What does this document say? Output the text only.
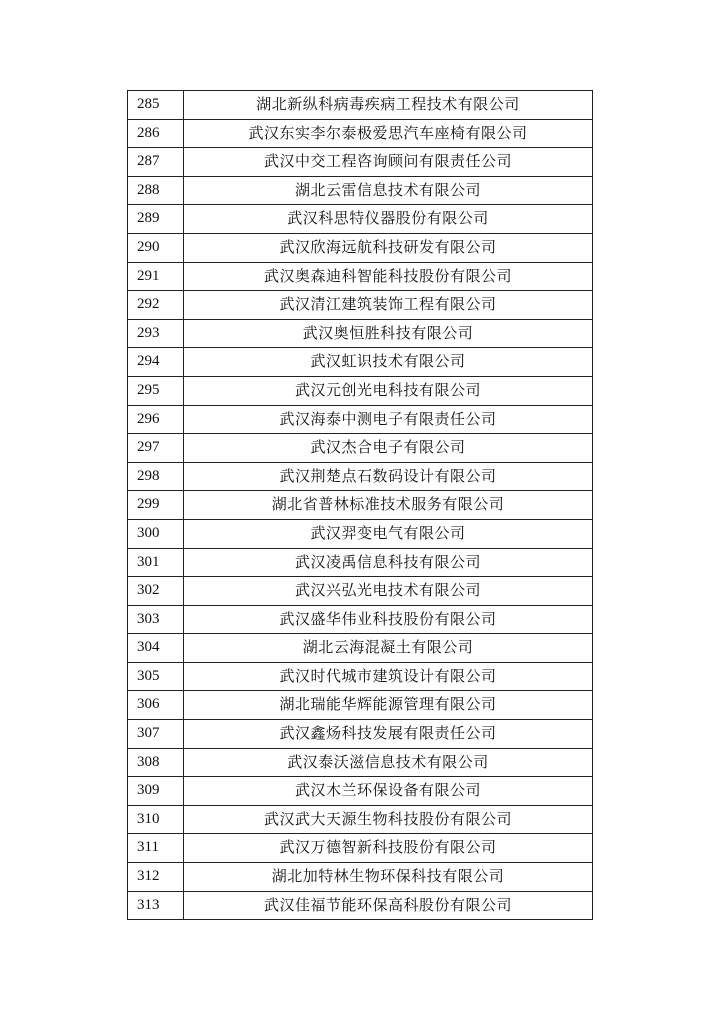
285	湖北新纵科病毒疾病工程技术有限公司
286	武汉东实李尔泰极爱思汽车座椅有限公司
287	武汉中交工程咨询顾问有限责任公司
288	湖北云雷信息技术有限公司
289	武汉科思特仪器股份有限公司
290	武汉欣海远航科技研发有限公司
291	武汉奥森迪科智能科技股份有限公司
292	武汉清江建筑装饰工程有限公司
293	武汉奥恒胜科技有限公司
294	武汉虹识技术有限公司
295	武汉元创光电科技有限公司
296	武汉海泰中测电子有限责任公司
297	武汉杰合电子有限公司
298	武汉荆楚点石数码设计有限公司
299	湖北省普林标准技术服务有限公司
300	武汉羿变电气有限公司
301	武汉凌禹信息科技有限公司
302	武汉兴弘光电技术有限公司
303	武汉盛华伟业科技股份有限公司
304	湖北云海混凝土有限公司
305	武汉时代城市建筑设计有限公司
306	湖北瑞能华辉能源管理有限公司
307	武汉鑫炀科技发展有限责任公司
308	武汉泰沃滋信息技术有限公司
309	武汉木兰环保设备有限公司
310	武汉武大天源生物科技股份有限公司
311	武汉万德智新科技股份有限公司
312	湖北加特林生物环保科技有限公司
313	武汉佳福节能环保高科股份有限公司
